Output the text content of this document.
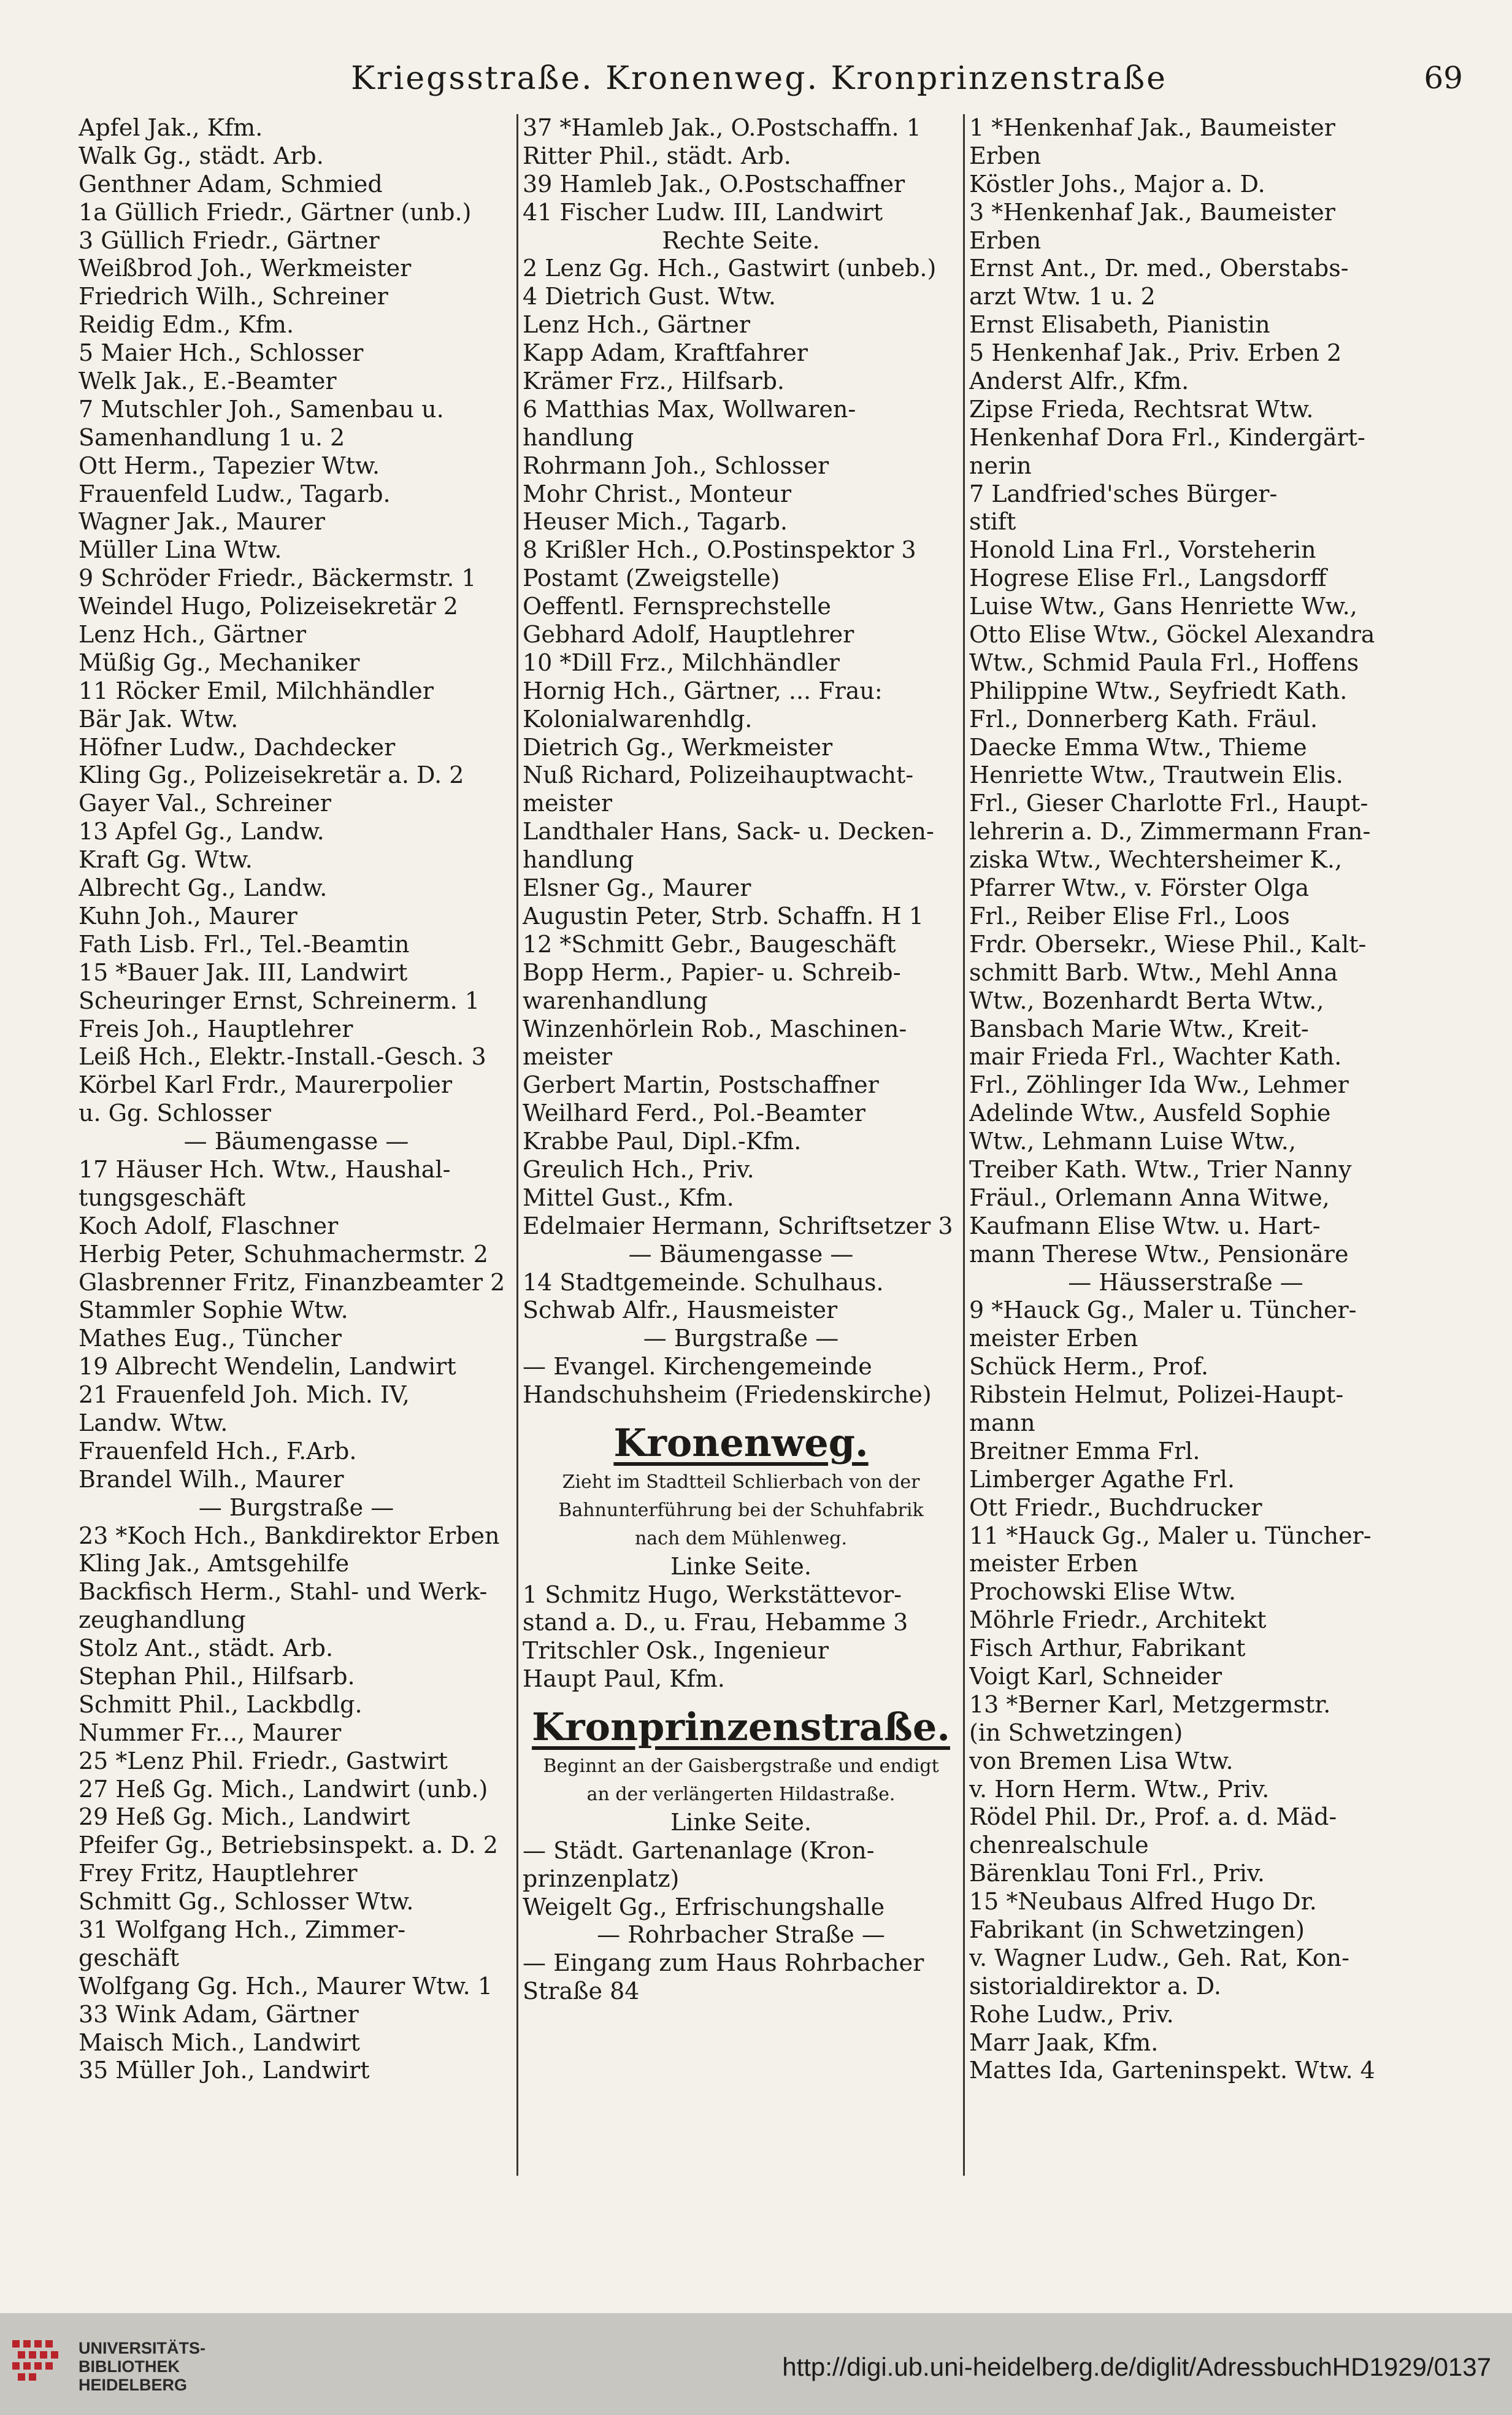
Kriegsstraße. Kronenweg. Kronprinzenstraße	69
Apfel Jak., Kfm.
Walk Gg., städt. Arb.
Genthner Adam, Schmied
1a Güllich Friedr., Gärtner (unb.)
3 Güllich Friedr., Gärtner
Weißbrod Joh., Werkmeister
Friedrich Wilh., Schreiner
Reidig Edm., Kfm.
5 Maier Hch., Schlosser
Welk Jak., E.-Beamter
7 Mutschler Joh., Samenbau u.
Samenhandlung 1 u. 2
Ott Herm., Tapezier Wtw.
Frauenfeld Ludw., Tagarb.
Wagner Jak., Maurer
Müller Lina Wtw.
9 Schröder Friedr., Bäckermstr. 1
Weindel Hugo, Polizeisekretär 2
Lenz Hch., Gärtner
Müßig Gg., Mechaniker
11 Röcker Emil, Milchhändler
Bär Jak. Wtw.
Höfner Ludw., Dachdecker
Kling Gg., Polizeisekretär a. D. 2
Gayer Val., Schreiner
13 Apfel Gg., Landw.
Kraft Gg. Wtw.
Albrecht Gg., Landw.
Kuhn Joh., Maurer
Fath Lisb. Frl., Tel.-Beamtin
15 *Bauer Jak. III, Landwirt
Scheuringer Ernst, Schreinerm. 1
Freis Joh., Hauptlehrer
Leiß Hch., Elektr.-Install.-Gesch. 3
Körbel Karl Frdr., Maurerpolier
u. Gg. Schlosser
— Bäumengasse —
17 Häuser Hch. Wtw., Haushal-
tungsgeschäft
Koch Adolf, Flaschner
Herbig Peter, Schuhmachermstr. 2
Glasbrenner Fritz, Finanzbeamter 2
Stammler Sophie Wtw.
Mathes Eug., Tüncher
19 Albrecht Wendelin, Landwirt
21 Frauenfeld Joh. Mich. IV,
Landw. Wtw.
Frauenfeld Hch., F.Arb.
Brandel Wilh., Maurer
— Burgstraße —
23 *Koch Hch., Bankdirektor Erben
Kling Jak., Amtsgehilfe
Backfisch Herm., Stahl- und Werk-
zeughandlung
Stolz Ant., städt. Arb.
Stephan Phil., Hilfsarb.
Schmitt Phil., Lackbdlg.
Nummer Fr..., Maurer
25 *Lenz Phil. Friedr., Gastwirt
27 Heß Gg. Mich., Landwirt (unb.)
29 Heß Gg. Mich., Landwirt
Pfeifer Gg., Betriebsinspekt. a. D. 2
Frey Fritz, Hauptlehrer
Schmitt Gg., Schlosser Wtw.
31 Wolfgang Hch., Zimmer-
geschäft
Wolfgang Gg. Hch., Maurer Wtw. 1
33 Wink Adam, Gärtner
Maisch Mich., Landwirt
35 Müller Joh., Landwirt
37 *Hamleb Jak., O.Postschaffn. 1
Ritter Phil., städt. Arb.
39 Hamleb Jak., O.Postschaffner
41 Fischer Ludw. III, Landwirt
Rechte Seite.
2 Lenz Gg. Hch., Gastwirt (unbeb.)
4 Dietrich Gust. Wtw.
Lenz Hch., Gärtner
Kapp Adam, Kraftfahrer
Krämer Frz., Hilfsarb.
6 Matthias Max, Wollwaren-
handlung
Rohrmann Joh., Schlosser
Mohr Christ., Monteur
Heuser Mich., Tagarb.
8 Krißler Hch., O.Postinspektor 3
Postamt (Zweigstelle)
Oeffentl. Fernsprechstelle
Gebhard Adolf, Hauptlehrer
10 *Dill Frz., Milchhändler
Hornig Hch., Gärtner, ... Frau:
Kolonialwarenhdlg.
Dietrich Gg., Werkmeister
Nuß Richard, Polizeihauptwacht-
meister
Landthaler Hans, Sack- u. Decken-
handlung
Elsner Gg., Maurer
Augustin Peter, Strb. Schaffn. H 1
12 *Schmitt Gebr., Baugeschäft
Bopp Herm., Papier- u. Schreib-
warenhandlung
Winzenhörlein Rob., Maschinen-
meister
Gerbert Martin, Postschaffner
Weilhard Ferd., Pol.-Beamter
Krabbe Paul, Dipl.-Kfm.
Greulich Hch., Priv.
Mittel Gust., Kfm.
Edelmaier Hermann, Schriftsetzer 3
— Bäumengasse —
14 Stadtgemeinde. Schulhaus.
Schwab Alfr., Hausmeister
— Burgstraße —
— Evangel. Kirchengemeinde
Handschuhsheim (Friedenskirche)
Kronenweg.
Zieht im Stadtteil Schlierbach von der
Bahnunterführung bei der Schuhfabrik
nach dem Mühlenweg.
Linke Seite.
1 Schmitz Hugo, Werkstättevor-
stand a. D., u. Frau, Hebamme 3
Tritschler Osk., Ingenieur
Haupt Paul, Kfm.
Kronprinzenstraße.
Beginnt an der Gaisbergstraße und endigt
an der verlängerten Hildastraße.
Linke Seite.
— Städt. Gartenanlage (Kron-
prinzenplatz)
Weigelt Gg., Erfrischungshalle
— Rohrbacher Straße —
— Eingang zum Haus Rohrbacher
Straße 84
1 *Henkenhaf Jak., Baumeister
Erben
Köstler Johs., Major a. D.
3 *Henkenhaf Jak., Baumeister
Erben
Ernst Ant., Dr. med., Oberstabs-
arzt Wtw. 1 u. 2
Ernst Elisabeth, Pianistin
5 Henkenhaf Jak., Priv. Erben 2
Anderst Alfr., Kfm.
Zipse Frieda, Rechtsrat Wtw.
Henkenhaf Dora Frl., Kindergärt-
nerin
7 Landfried'sches Bürger-
stift
Honold Lina Frl., Vorsteherin
Hogrese Elise Frl., Langsdorff
Luise Wtw., Gans Henriette Ww.,
Otto Elise Wtw., Göckel Alexandra
Wtw., Schmid Paula Frl., Hoffens
Philippine Wtw., Seyfriedt Kath.
Frl., Donnerberg Kath. Fräul.
Daecke Emma Wtw., Thieme
Henriette Wtw., Trautwein Elis.
Frl., Gieser Charlotte Frl., Haupt-
lehrerin a. D., Zimmermann Fran-
ziska Wtw., Wechtersheimer K.,
Pfarrer Wtw., v. Förster Olga
Frl., Reiber Elise Frl., Loos
Frdr. Obersekr., Wiese Phil., Kalt-
schmitt Barb. Wtw., Mehl Anna
Wtw., Bozenhardt Berta Wtw.,
Bansbach Marie Wtw., Kreit-
mair Frieda Frl., Wachter Kath.
Frl., Zöhlinger Ida Ww., Lehmer
Adelinde Wtw., Ausfeld Sophie
Wtw., Lehmann Luise Wtw.,
Treiber Kath. Wtw., Trier Nanny
Fräul., Orlemann Anna Witwe,
Kaufmann Elise Wtw. u. Hart-
mann Therese Wtw., Pensionäre
— Häusserstraße —
9 *Hauck Gg., Maler u. Tüncher-
meister Erben
Schück Herm., Prof.
Ribstein Helmut, Polizei-Haupt-
mann
Breitner Emma Frl.
Limberger Agathe Frl.
Ott Friedr., Buchdrucker
11 *Hauck Gg., Maler u. Tüncher-
meister Erben
Prochowski Elise Wtw.
Möhrle Friedr., Architekt
Fisch Arthur, Fabrikant
Voigt Karl, Schneider
13 *Berner Karl, Metzgermstr.
(in Schwetzingen)
von Bremen Lisa Wtw.
v. Horn Herm. Wtw., Priv.
Rödel Phil. Dr., Prof. a. d. Mäd-
chenrealschule
Bärenklau Toni Frl., Priv.
15 *Neubaus Alfred Hugo Dr.
Fabrikant (in Schwetzingen)
v. Wagner Ludw., Geh. Rat, Kon-
sistorialdirektor a. D.
Rohe Ludw., Priv.
Marr Jaak, Kfm.
Mattes Ida, Garteninspekt. Wtw. 4
UNIVERSITÄTS-
BIBLIOTHEK
HEIDELBERG
http://digi.ub.uni-heidelberg.de/diglit/AdressbuchHD1929/0137
